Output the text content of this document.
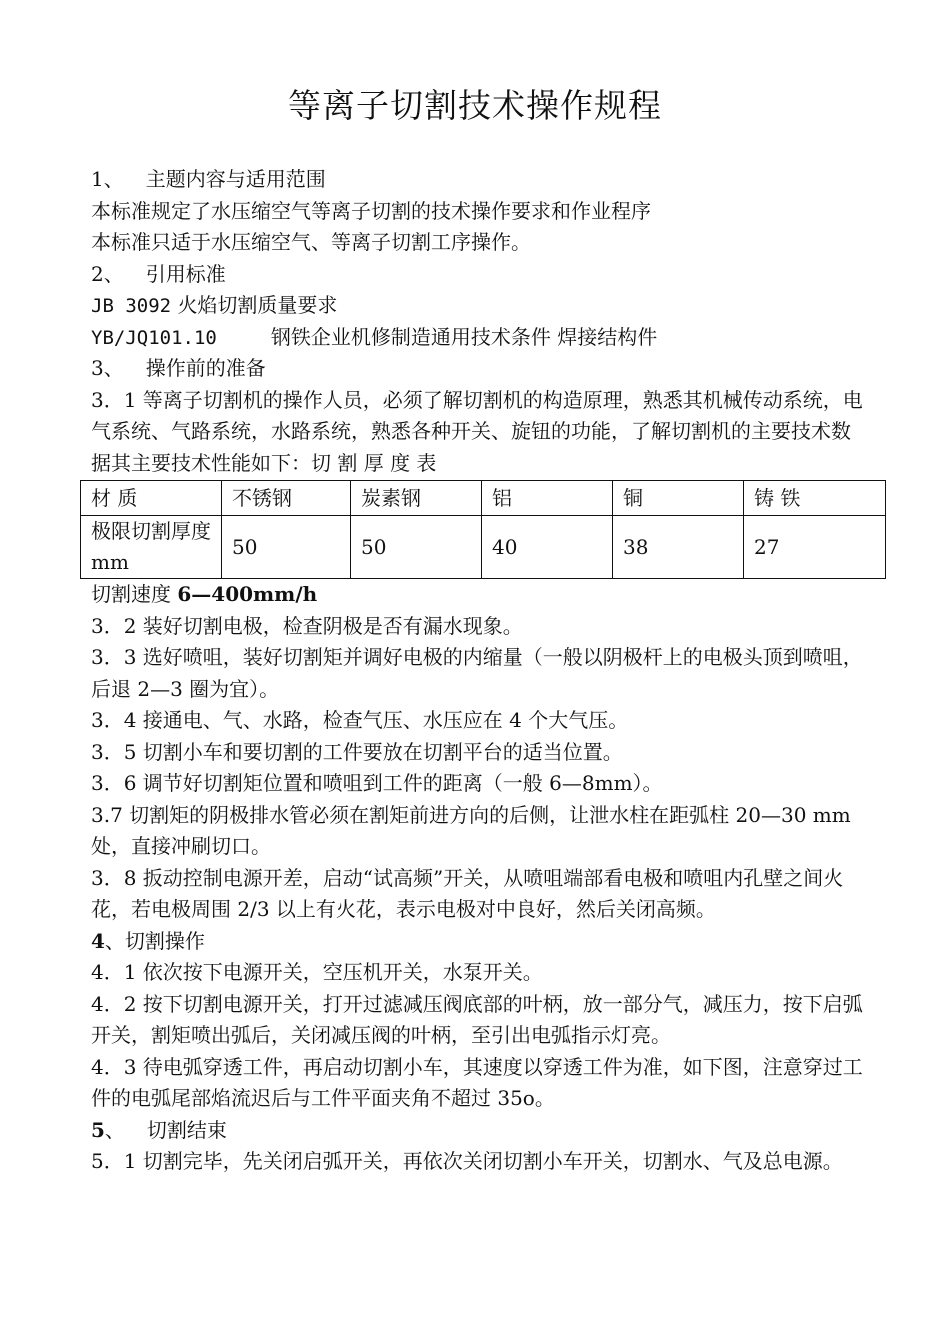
等离子切割技术操作规程
1、 主题内容与适用范围
本标准规定了水压缩空气等离子切割的技术操作要求和作业程序
本标准只适于水压缩空气、等离子切割工序操作。
2、 引用标准
JB 3092 火焰切割质量要求
YB/JQ101.10	钢铁企业机修制造通用技术条件 焊接结构件
3、 操作前的准备
3．1 等离子切割机的操作人员，必须了解切割机的构造原理，熟悉其机械传动系统，电气系统、气路系统，水路系统，熟悉各种开关、旋钮的功能，了解切割机的主要技术数据其主要技术性能如下：切 割 厚 度 表
材 质	不锈钢	炭素钢	铝	铜	铸 铁
极限切割厚度 mm	50	50	40	38	27
切割速度 6—400mm/h
3．2 装好切割电极，检查阴极是否有漏水现象。
3．3 选好喷咀，装好切割矩并调好电极的内缩量（一般以阴极杆上的电极头顶到喷咀，后退 2—3 圈为宜）。
3．4 接通电、气、水路，检查气压、水压应在 4 个大气压。
3．5 切割小车和要切割的工件要放在切割平台的适当位置。
3．6 调节好切割矩位置和喷咀到工件的距离（一般 6—8mm）。
3.7 切割矩的阴极排水管必须在割矩前进方向的后侧，让泄水柱在距弧柱 20—30 mm 处，直接冲刷切口。
3．8 扳动控制电源开差，启动“试高频”开关，从喷咀端部看电极和喷咀内孔壁之间火花，若电极周围 2/3 以上有火花，表示电极对中良好，然后关闭高频。
4、切割操作
4．1 依次按下电源开关，空压机开关，水泵开关。
4．2 按下切割电源开关，打开过滤减压阀底部的叶柄，放一部分气，减压力，按下启弧开关，割矩喷出弧后，关闭减压阀的叶柄，至引出电弧指示灯亮。
4．3 待电弧穿透工件，再启动切割小车，其速度以穿透工件为准，如下图，注意穿过工件的电弧尾部焰流迟后与工件平面夹角不超过 35o。
5、 切割结束
5．1 切割完毕，先关闭启弧开关，再依次关闭切割小车开关，切割水、气及总电源。
